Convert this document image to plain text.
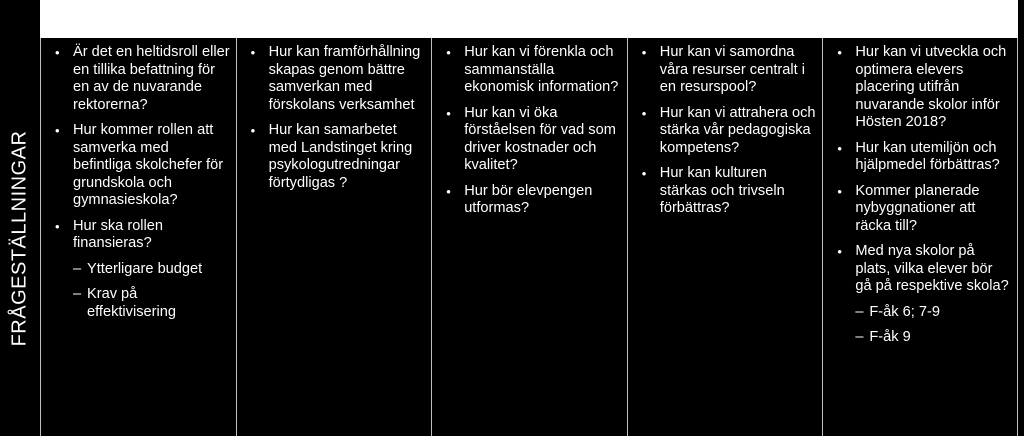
FRÅGESTÄLLNINGAR
• Är det en heltidsroll eller en tillika befattning för en av de nuvarande rektorerna?
• Hur kommer rollen att samverka med befintliga skolchefer för grundskola och gymnasieskola?
• Hur ska rollen finansieras?
– Ytterligare budget
– Krav på effektivisering
• Hur kan framförhållning skapas genom bättre samverkan med förskolans verksamhet
• Hur kan samarbetet med Landstinget kring psykologutredningar förtydligas ?
• Hur kan vi förenkla och sammanställa ekonomisk information?
• Hur kan vi öka förståelsen för vad som driver kostnader och kvalitet?
• Hur bör elevpengen utformas?
• Hur kan vi samordna våra resurser centralt i en resurspool?
• Hur kan vi attrahera och stärka vår pedagogiska kompetens?
• Hur kan kulturen stärkas och trivseln förbättras?
• Hur kan vi utveckla och optimera elevers placering utifrån nuvarande skolor inför Hösten 2018?
• Hur kan utemiljön och hjälpmedel förbättras?
• Kommer planerade nybyggnationer att räcka till?
• Med nya skolor på plats, vilka elever bör gå på respektive skola?
– F-åk 6; 7-9
– F-åk 9
